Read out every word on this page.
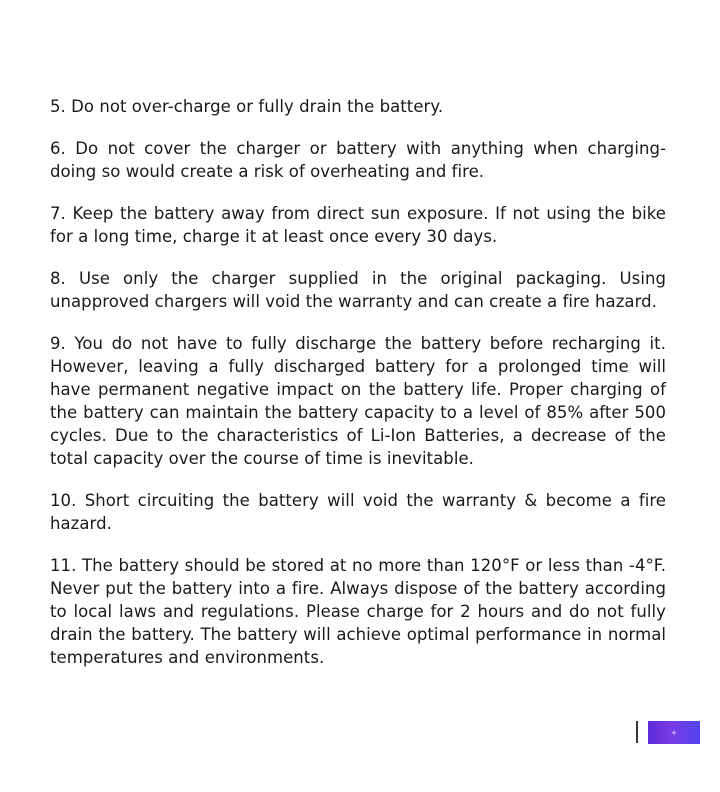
5. Do not over-charge or fully drain the battery.

6. Do not cover the charger or battery with anything when charging-doing so would create a risk of overheating and fire.

7. Keep the battery away from direct sun exposure. If not using the bike for a long time, charge it at least once every 30 days.

8. Use only the charger supplied in the original packaging. Using unapproved chargers will void the warranty and can create a fire hazard.

9. You do not have to fully discharge the battery before recharging it. However, leaving a fully discharged battery for a prolonged time will have permanent negative impact on the battery life. Proper charging of the battery can maintain the battery capacity to a level of 85% after 500 cycles. Due to the characteristics of Li-Ion Batteries, a decrease of the total capacity over the course of time is inevitable.

10. Short circuiting the battery will void the warranty & become a fire hazard.

11. The battery should be stored at no more than 120°F or less than -4°F. Never put the battery into a fire. Always dispose of the battery according to local laws and regulations. Please charge for 2 hours and do not fully drain the battery. The battery will achieve optimal performance in normal temperatures and environments.

+
